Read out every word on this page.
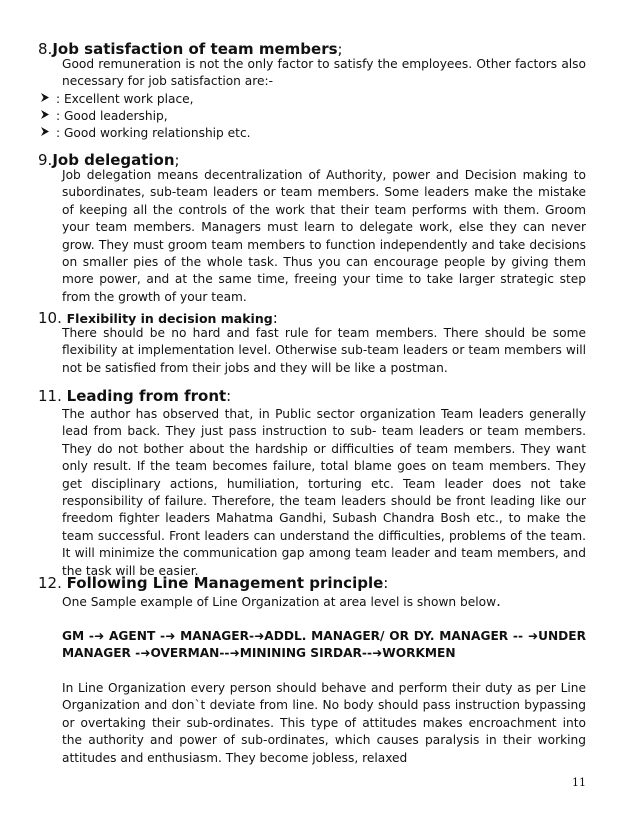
8.Job satisfaction of team members;
Good remuneration is not the only factor to satisfy the employees. Other factors also necessary for job satisfaction are:-
: Excellent work place,
: Good leadership,
: Good working relationship etc.
9.Job delegation;
Job delegation means decentralization of Authority, power and Decision making to subordinates, sub-team leaders or team members. Some leaders make the mistake of keeping all the controls of the work that their team performs with them. Groom your team members. Managers must learn to delegate work, else they can never grow. They must groom team members to function independently and take decisions on smaller pies of the whole task. Thus you can encourage people by giving them more power, and at the same time, freeing your time to take larger strategic step from the growth of your team.
10. Flexibility in decision making:
There should be no hard and fast rule for team members. There should be some flexibility at implementation level. Otherwise sub-team leaders or team members will not be satisfied from their jobs and they will be like a postman.
11. Leading from front:
The author has observed that, in Public sector organization Team leaders generally lead from back. They just pass instruction to sub- team leaders or team members. They do not bother about the hardship or difficulties of team members. They want only result. If the team becomes failure, total blame goes on team members. They get disciplinary actions, humiliation, torturing etc. Team leader does not take responsibility of failure. Therefore, the team leaders should be front leading like our freedom fighter leaders Mahatma Gandhi, Subash Chandra Bosh etc., to make the team successful. Front leaders can understand the difficulties, problems of the team. It will minimize the communication gap among team leader and team members, and the task will be easier.
12. Following Line Management principle:
One Sample example of Line Organization at area level is shown below.
GM -➜ AGENT -➜ MANAGER-➜ADDL. MANAGER/ OR DY. MANAGER -- ➜UNDER MANAGER -➜OVERMAN--➜MININING SIRDAR--➜WORKMEN
In Line Organization every person should behave and perform their duty as per Line Organization and don`t deviate from line. No body should pass instruction bypassing or overtaking their sub-ordinates. This type of attitudes makes encroachment into the authority and power of sub-ordinates, which causes paralysis in their working attitudes and enthusiasm. They become jobless, relaxed
11
